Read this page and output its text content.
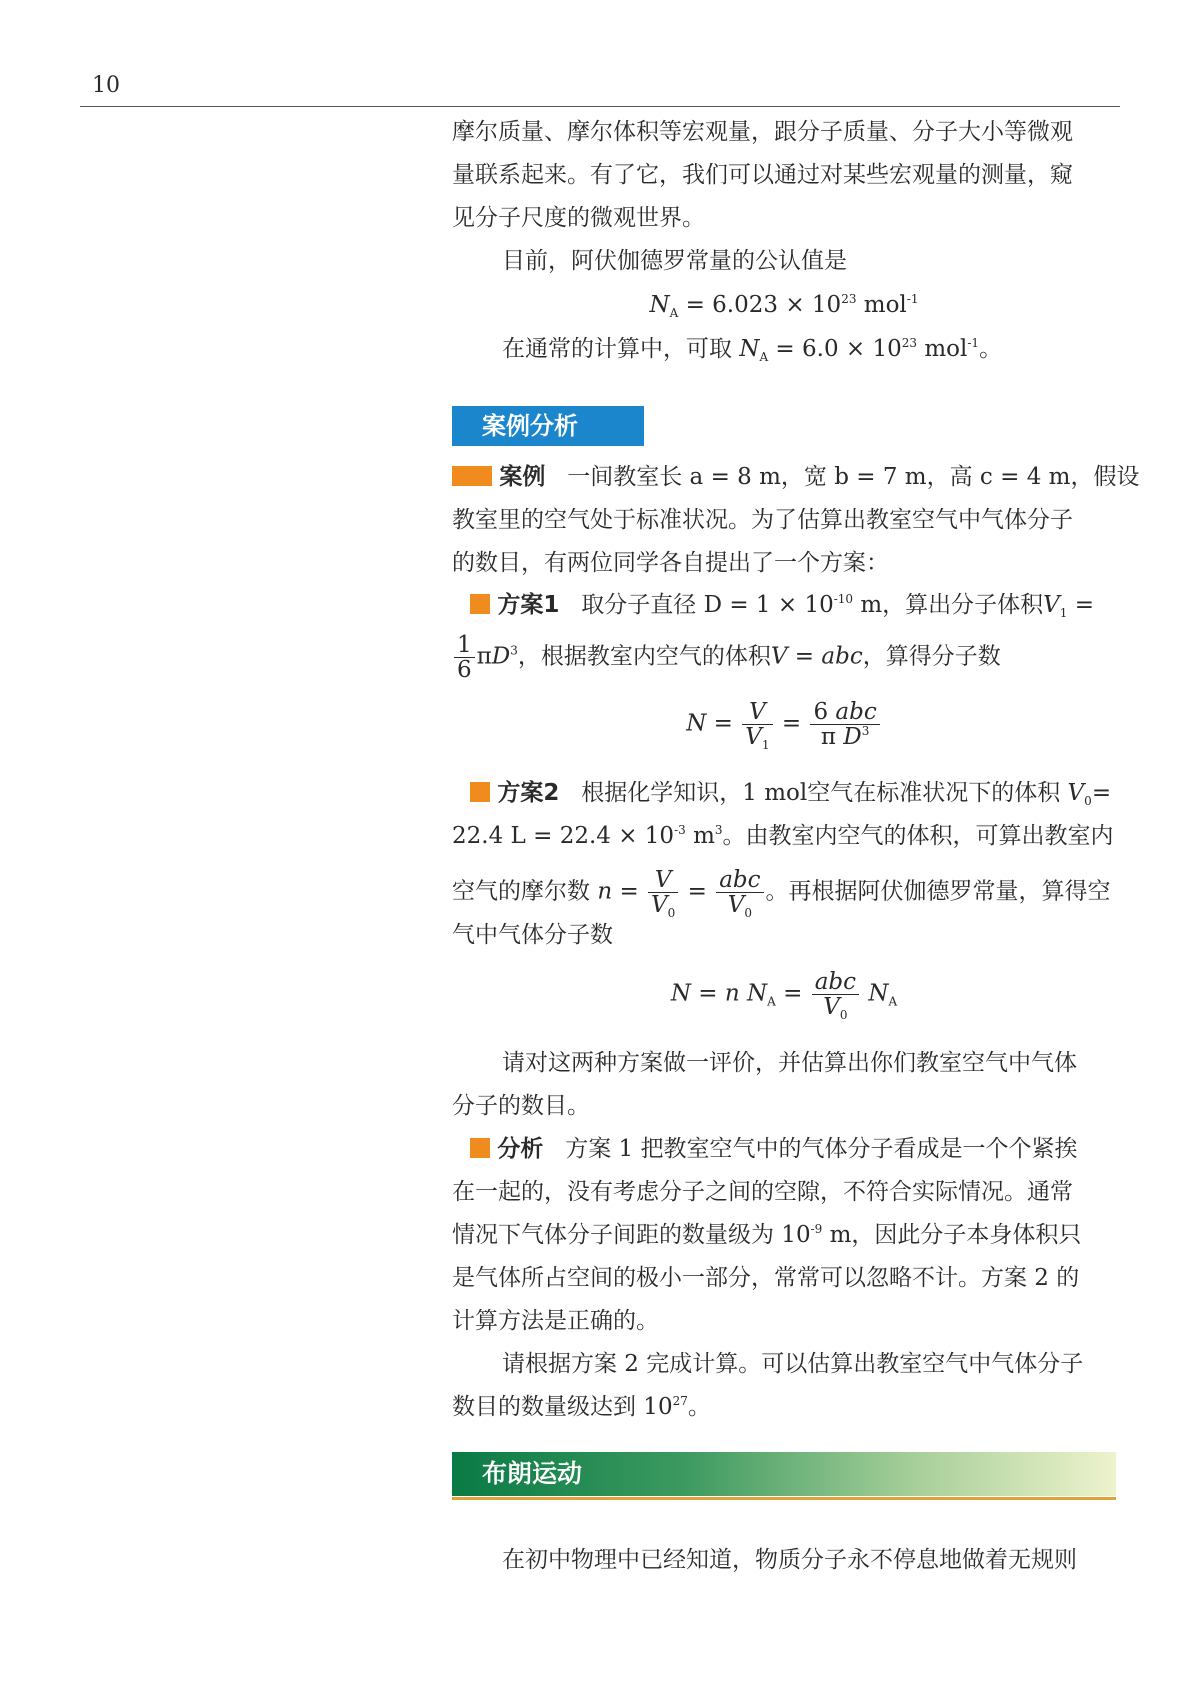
10
摩尔质量、摩尔体积等宏观量，跟分子质量、分子大小等微观
量联系起来。有了它，我们可以通过对某些宏观量的测量，窥
见分子尺度的微观世界。
目前，阿伏伽德罗常量的公认值是
$N_A = 6.023 \times 10^{23}$ mol$^{-1}$
在通常的计算中，可取 $N_A = 6.0 \times 10^{23}$ mol$^{-1}$。
案例分析
案例 一间教室长 a = 8 m，宽 b = 7 m，高 c = 4 m，假设
教室里的空气处于标准状况。为了估算出教室空气中气体分子
的数目，有两位同学各自提出了一个方案：
方案1 取分子直径 $D = 1 \times 10^{-10}$ m，算出分子体积$V_1$ =
$\frac{1}{6} \pi D^3$，根据教室内空气的体积V = abc，算得分子数
$N = \frac{V}{V_1} = \frac{\text{6 abc}}{\pi D^3}$
方案2 根据化学知识，1 mol空气在标准状况下的体积 $V_0=$
22.4 $L = 22.4 \times 10^{-3}$ $m^3$。由教室内空气的体积，可算出教室内
空气的摩尔数 $n = \frac{V}{V_0} = \frac{\text{abc}}{V_0}$ 。再根据阿伏伽德罗常量，算得空
气中气体分子数
N = n $N_A = \frac{\text{abc}}{V_0} N_A$
请对这两种方案做一评价，并估算出你们教室空气中气体
分子的数目。
分析 方案 1 把教室空气中的气体分子看成是一个个紧挨
在一起的，没有考虑分子之间的空隙，不符合实际情况。通常
情况下气体分子间距的数量级为 $10^{-9}$ m，因此分子本身体积只
是气体所占空间的极小一部分，常常可以忽略不计。方案 2 的
计算方法是正确的。
请根据方案 2 完成计算。可以估算出教室空气中气体分子
数目的数量级达到 $10^{27}$。
布朗运动
在初中物理中已经知道，物质分子永不停息地做着无规则
